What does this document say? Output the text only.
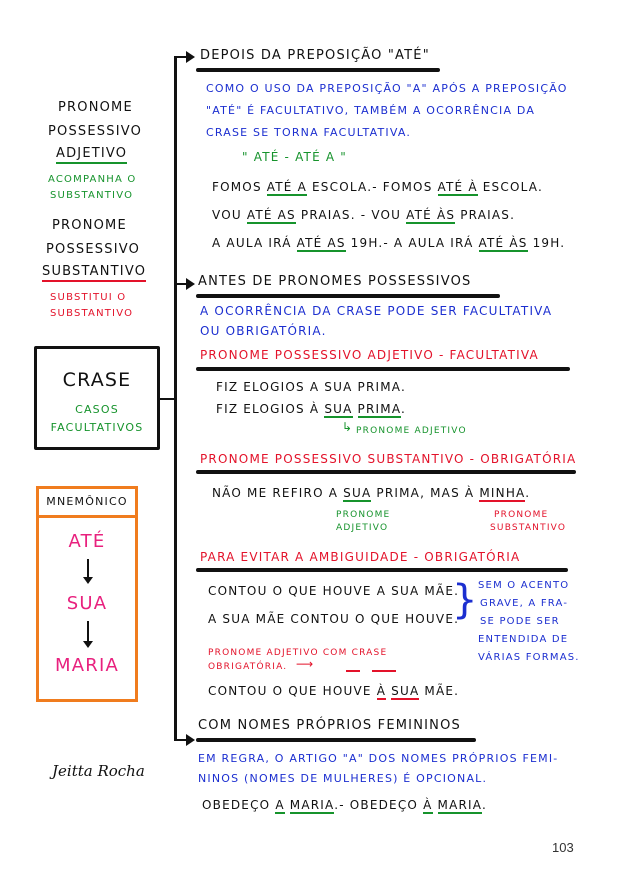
PRONOME
POSSESSIVO
ADJETIVO
ACOMPANHA O
SUBSTANTIVO
PRONOME
POSSESSIVO
SUBSTANTIVO
SUBSTITUI O
SUBSTANTIVO
CRASE
CASOS
FACULTATIVOS
MNEMÔNICO
ATÉ
SUA
MARIA
Jeitta Rocha
DEPOIS DA PREPOSIÇÃO "ATÉ"
COMO O USO DA PREPOSIÇÃO "A" APÓS A PREPOSIÇÃO
"ATÉ" É FACULTATIVO, TAMBÉM A OCORRÊNCIA DA
CRASE SE TORNA FACULTATIVA.
" ATÉ - ATÉ A "
FOMOS ATÉ A ESCOLA.- FOMOS ATÉ À ESCOLA.
VOU ATÉ AS PRAIAS. - VOU ATÉ ÀS PRAIAS.
A AULA IRÁ ATÉ AS 19H.- A AULA IRÁ ATÉ ÀS 19H.
ANTES DE PRONOMES POSSESSIVOS
A OCORRÊNCIA DA CRASE PODE SER FACULTATIVA
OU OBRIGATÓRIA.
PRONOME POSSESSIVO ADJETIVO - FACULTATIVA
FIZ ELOGIOS A SUA PRIMA.
FIZ ELOGIOS À SUA PRIMA.
↳ PRONOME ADJETIVO
PRONOME POSSESSIVO SUBSTANTIVO - OBRIGATÓRIA
NÃO ME REFIRO A SUA PRIMA, MAS À MINHA.
PRONOME
ADJETIVO
PRONOME
SUBSTANTIVO
PARA EVITAR A AMBIGUIDADE - OBRIGATÓRIA
CONTOU O QUE HOUVE A SUA MÃE.
A SUA MÃE CONTOU O QUE HOUVE.
} SEM O ACENTO
GRAVE, A FRA-
SE PODE SER
ENTENDIDA DE
VÁRIAS FORMAS.
PRONOME ADJETIVO COM CRASE
OBRIGATÓRIA. ⟶
CONTOU O QUE HOUVE À SUA MÃE.
COM NOMES PRÓPRIOS FEMININOS
EM REGRA, O ARTIGO "A" DOS NOMES PRÓPRIOS FEMI-
NINOS (NOMES DE MULHERES) É OPCIONAL.
OBEDEÇO A MARIA.- OBEDEÇO À MARIA.
103
